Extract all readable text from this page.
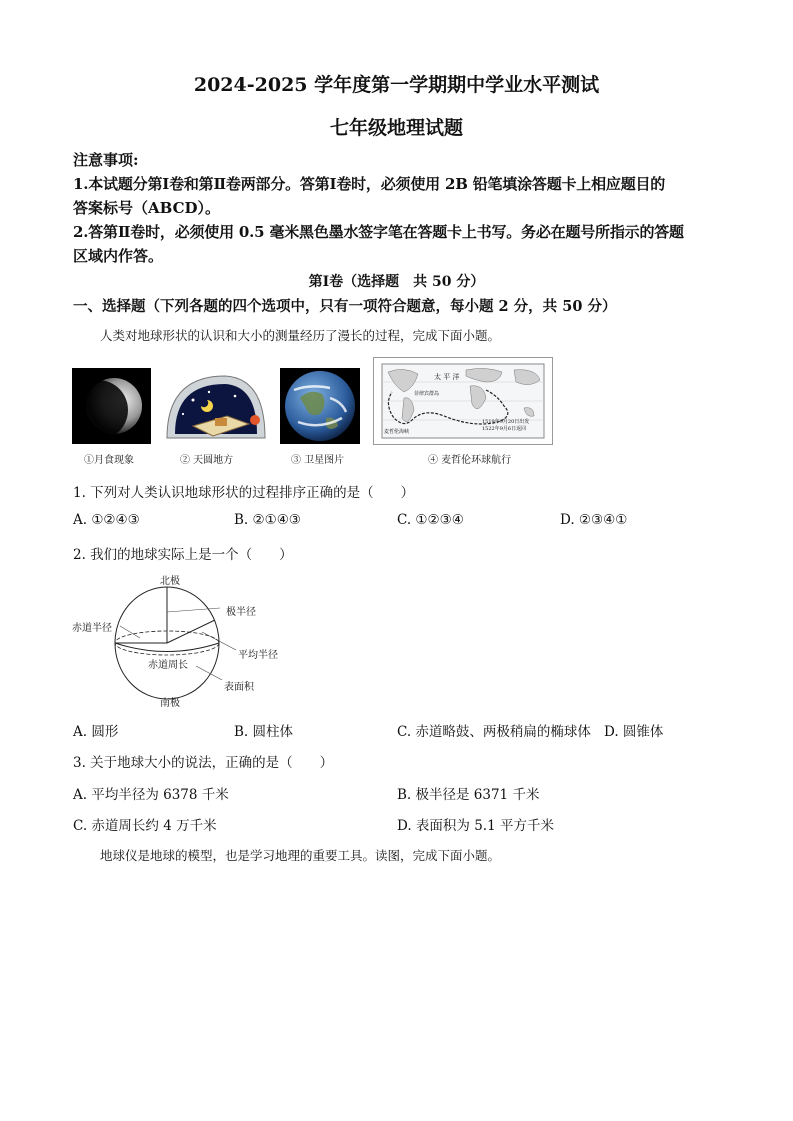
2024-2025 学年度第一学期期中学业水平测试
七年级地理试题
注意事项:
1.本试题分第Ⅰ卷和第Ⅱ卷两部分。答第Ⅰ卷时，必须使用 2B 铅笔填涂答题卡上相应题目的
答案标号（ABCD）。
2.答第Ⅱ卷时，必须使用 0.5 毫米黑色墨水签字笔在答题卡上书写。务必在题号所指示的答题
区域内作答。
第Ⅰ卷（选择题　共 50 分）
一、选择题（下列各题的四个选项中，只有一项符合题意，每小题 2 分，共 50 分）
人类对地球形状的认识和大小的测量经历了漫长的过程，完成下面小题。
①月食现象	② 天圆地方	③ 卫星图片
太 平 洋
1519年9月20日出发
1522年9月6日返回
菲律宾群岛
麦哲伦海峡
④ 麦哲伦环球航行
1. 下列对人类认识地球形状的过程排序正确的是（　　）
A. ①②④③	B. ②①④③	C. ①②③④	D. ②③④①
2. 我们的地球实际上是一个（　　）
北极
南极
极半径
赤道半径
平均半径
赤道周长
表面积
A. 圆形	B. 圆柱体	C. 赤道略鼓、两极稍扁的椭球体 D. 圆锥体
3. 关于地球大小的说法，正确的是（　　）
A. 平均半径为 6378 千米	B. 极半径是 6371 千米
C. 赤道周长约 4 万千米	D. 表面积为 5.1 平方千米
地球仪是地球的模型，也是学习地理的重要工具。读图，完成下面小题。
